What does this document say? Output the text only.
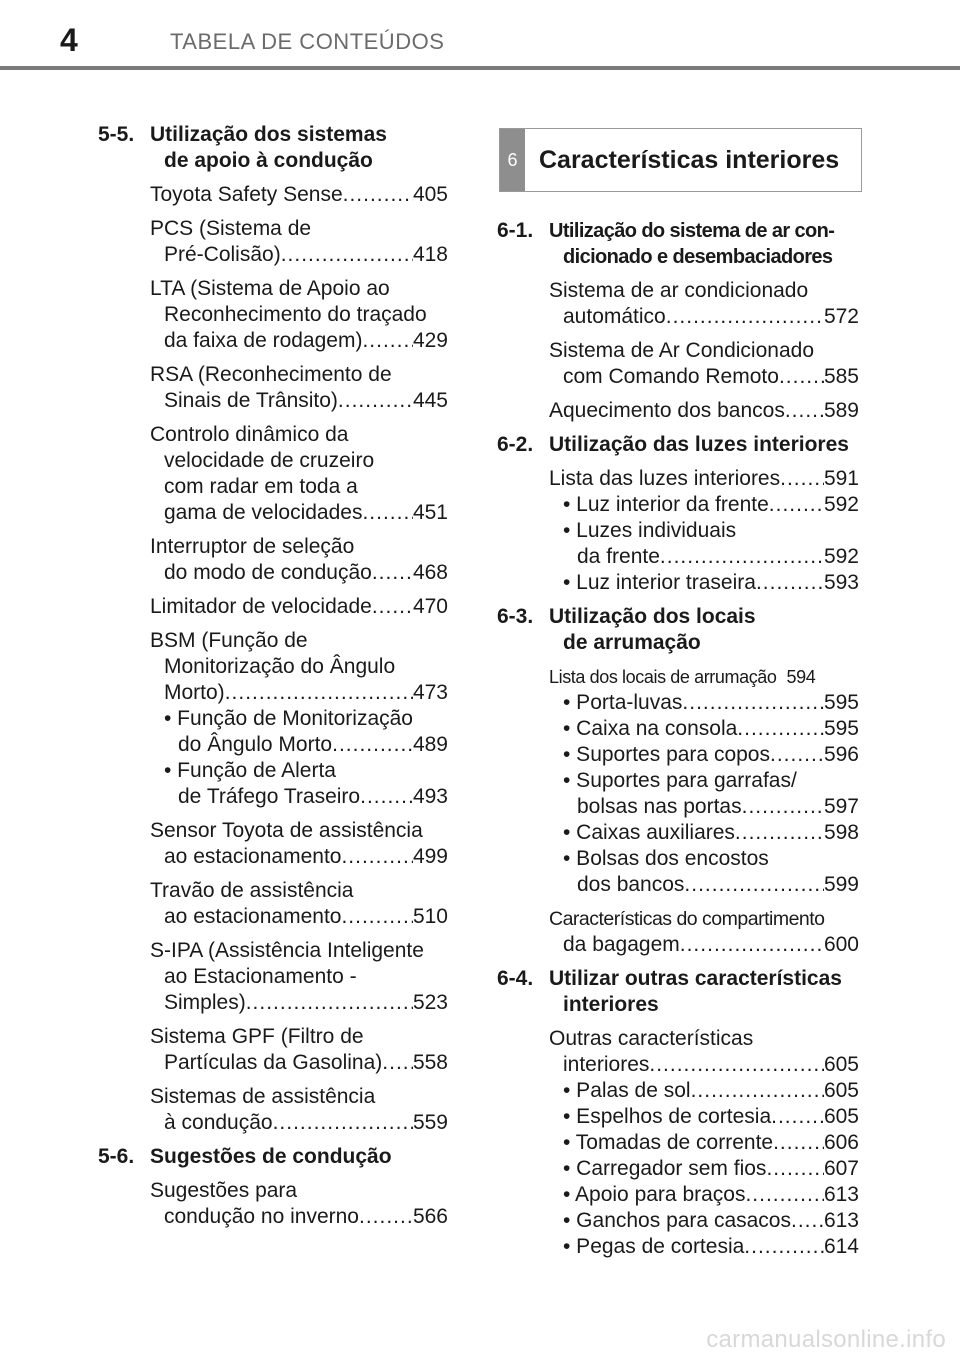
4	TABELA DE CONTEÚDOS
5-5. Utilização dos sistemas
de apoio à condução
Toyota Safety Sense .....	405
PCS (Sistema de
Pré-Colisão) .....	418
LTA (Sistema de Apoio ao
Reconhecimento do traçado
da faixa de rodagem) ..... 429
RSA (Reconhecimento de
Sinais de Trânsito) .....	445
Controlo dinâmico da
velocidade de cruzeiro
com radar em toda a
gama de velocidades ..... 451
Interruptor de seleção
do modo de condução ..... 468
Limitador de velocidade ..... 470
BSM (Função de
Monitorização do Ângulo
Morto) .....	473
• Função de Monitorização
do Ângulo Morto .....	489
• Função de Alerta
de Tráfego Traseiro .....	493
Sensor Toyota de assistência
ao estacionamento .....	499
Travão de assistência
ao estacionamento .....	510
S-IPA (Assistência Inteligente
ao Estacionamento -
Simples) .....	523
Sistema GPF (Filtro de
Partículas da Gasolina) ..... 558
Sistemas de assistência
à condução .....	559
5-6. Sugestões de condução
Sugestões para
condução no inverno .....	566
6 Características interiores
6-1. Utilização do sistema de ar con-
dicionado e desembaciadores
Sistema de ar condicionado
automático .....	572
Sistema de Ar Condicionado
com Comando Remoto ..... 585
Aquecimento dos bancos ..... 589
6-2. Utilização das luzes interiores
Lista das luzes interiores ..... 591
• Luz interior da frente .....	592
• Luzes individuais
da frente .....	592
• Luz interior traseira .....	593
6-3. Utilização dos locais
de arrumação
Lista dos locais de arrumação 594
• Porta-luvas .....	595
• Caixa na consola .....	595
• Suportes para copos .....	596
• Suportes para garrafas/
bolsas nas portas .....	597
• Caixas auxiliares .....	598
• Bolsas dos encostos
dos bancos .....	599
Características do compartimento
da bagagem .....	600
6-4. Utilizar outras características
interiores
Outras características
interiores .....	605
• Palas de sol .....	605
• Espelhos de cortesia .....	605
• Tomadas de corrente ..... 606
• Carregador sem fios .....	607
• Apoio para braços .....	613
• Ganchos para casacos ..... 613
• Pegas de cortesia .....	614
carmanualsonline.info
